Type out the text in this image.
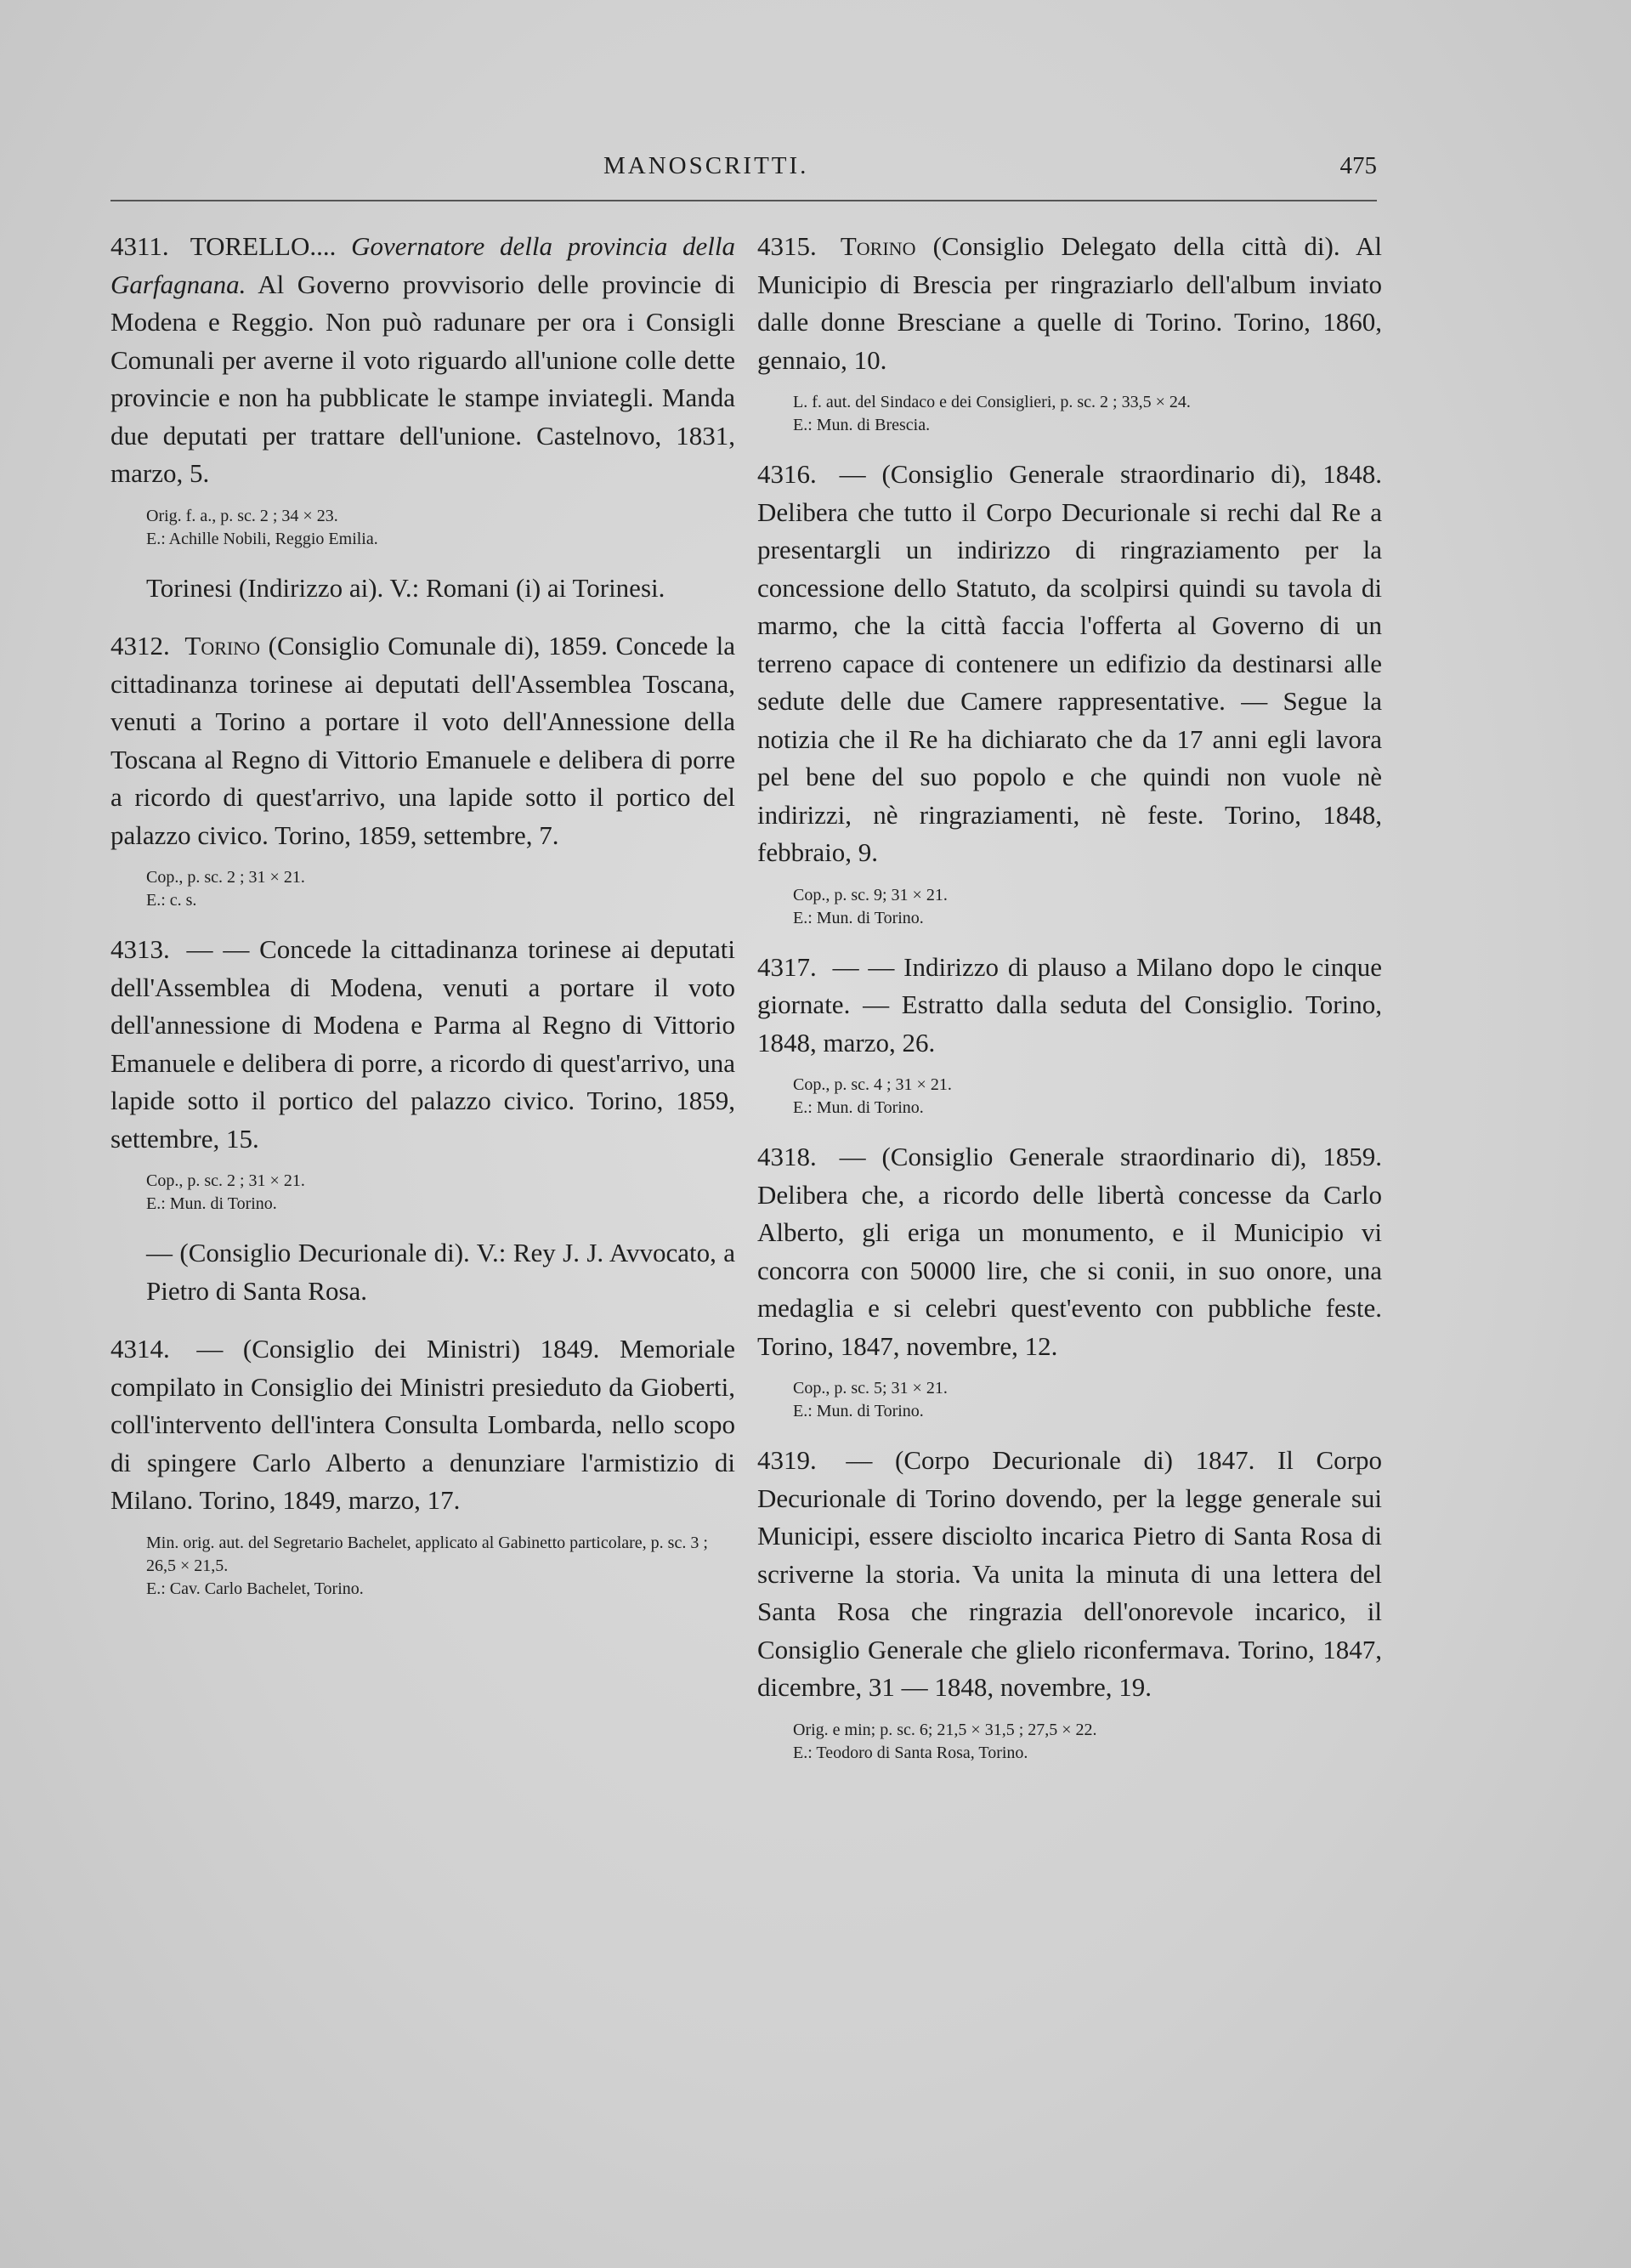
MANOSCRITTI.	475

4311. TORELLO.... Governatore della provincia della Garfagnana. Al Governo provvisorio delle provincie di Modena e Reggio. Non può radunare per ora i Consigli Comunali per averne il voto riguardo all'unione colle dette provincie e non ha pubblicate le stampe inviategli. Manda due deputati per trattare dell'unione. Castelnovo, 1831, marzo, 5.

Orig. f. a., p. sc. 2 ; 34 × 23.
E.: Achille Nobili, Reggio Emilia.

Torinesi (Indirizzo ai). V.: Romani (i) ai Torinesi.

4312. Torino (Consiglio Comunale di), 1859. Concede la cittadinanza torinese ai deputati dell'Assemblea Toscana, venuti a Torino a portare il voto dell'Annessione della Toscana al Regno di Vittorio Emanuele e delibera di porre a ricordo di quest'arrivo, una lapide sotto il portico del palazzo civico. Torino, 1859, settembre, 7.

Cop., p. sc. 2 ; 31 × 21.
E.: c. s.

4313. — — Concede la cittadinanza torinese ai deputati dell'Assemblea di Modena, venuti a portare il voto dell'annessione di Modena e Parma al Regno di Vittorio Emanuele e delibera di porre, a ricordo di quest'arrivo, una lapide sotto il portico del palazzo civico. Torino, 1859, settembre, 15.

Cop., p. sc. 2 ; 31 × 21.
E.: Mun. di Torino.

— (Consiglio Decurionale di). V.: Rey J. J. Avvocato, a Pietro di Santa Rosa.

4314. — (Consiglio dei Ministri) 1849. Memoriale compilato in Consiglio dei Ministri presieduto da Gioberti, coll'intervento dell'intera Consulta Lombarda, nello scopo di spingere Carlo Alberto a denunziare l'armistizio di Milano. Torino, 1849, marzo, 17.

Min. orig. aut. del Segretario Bachelet, applicato al Gabinetto particolare, p. sc. 3 ; 26,5 × 21,5.
E.: Cav. Carlo Bachelet, Torino.

4315. Torino (Consiglio Delegato della città di). Al Municipio di Brescia per ringraziarlo dell'album inviato dalle donne Bresciane a quelle di Torino. Torino, 1860, gennaio, 10.

L. f. aut. del Sindaco e dei Consiglieri, p. sc. 2 ; 33,5 × 24.
E.: Mun. di Brescia.

4316. — (Consiglio Generale straordinario di), 1848. Delibera che tutto il Corpo Decurionale si rechi dal Re a presentargli un indirizzo di ringraziamento per la concessione dello Statuto, da scolpirsi quindi su tavola di marmo, che la città faccia l'offerta al Governo di un terreno capace di contenere un edifizio da destinarsi alle sedute delle due Camere rappresentative. — Segue la notizia che il Re ha dichiarato che da 17 anni egli lavora pel bene del suo popolo e che quindi non vuole nè indirizzi, nè ringraziamenti, nè feste. Torino, 1848, febbraio, 9.

Cop., p. sc. 9; 31 × 21.
E.: Mun. di Torino.

4317. — — Indirizzo di plauso a Milano dopo le cinque giornate. — Estratto dalla seduta del Consiglio. Torino, 1848, marzo, 26.

Cop., p. sc. 4 ; 31 × 21.
E.: Mun. di Torino.

4318. — (Consiglio Generale straordinario di), 1859. Delibera che, a ricordo delle libertà concesse da Carlo Alberto, gli eriga un monumento, e il Municipio vi concorra con 50000 lire, che si conii, in suo onore, una medaglia e si celebri quest'evento con pubbliche feste. Torino, 1847, novembre, 12.

Cop., p. sc. 5; 31 × 21.
E.: Mun. di Torino.

4319. — (Corpo Decurionale di) 1847. Il Corpo Decurionale di Torino dovendo, per la legge generale sui Municipi, essere disciolto incarica Pietro di Santa Rosa di scriverne la storia. Va unita la minuta di una lettera del Santa Rosa che ringrazia dell'onorevole incarico, il Consiglio Generale che glielo riconfermava. Torino, 1847, dicembre, 31 — 1848, novembre, 19.

Orig. e min; p. sc. 6; 21,5 × 31,5 ; 27,5 × 22.
E.: Teodoro di Santa Rosa, Torino.
